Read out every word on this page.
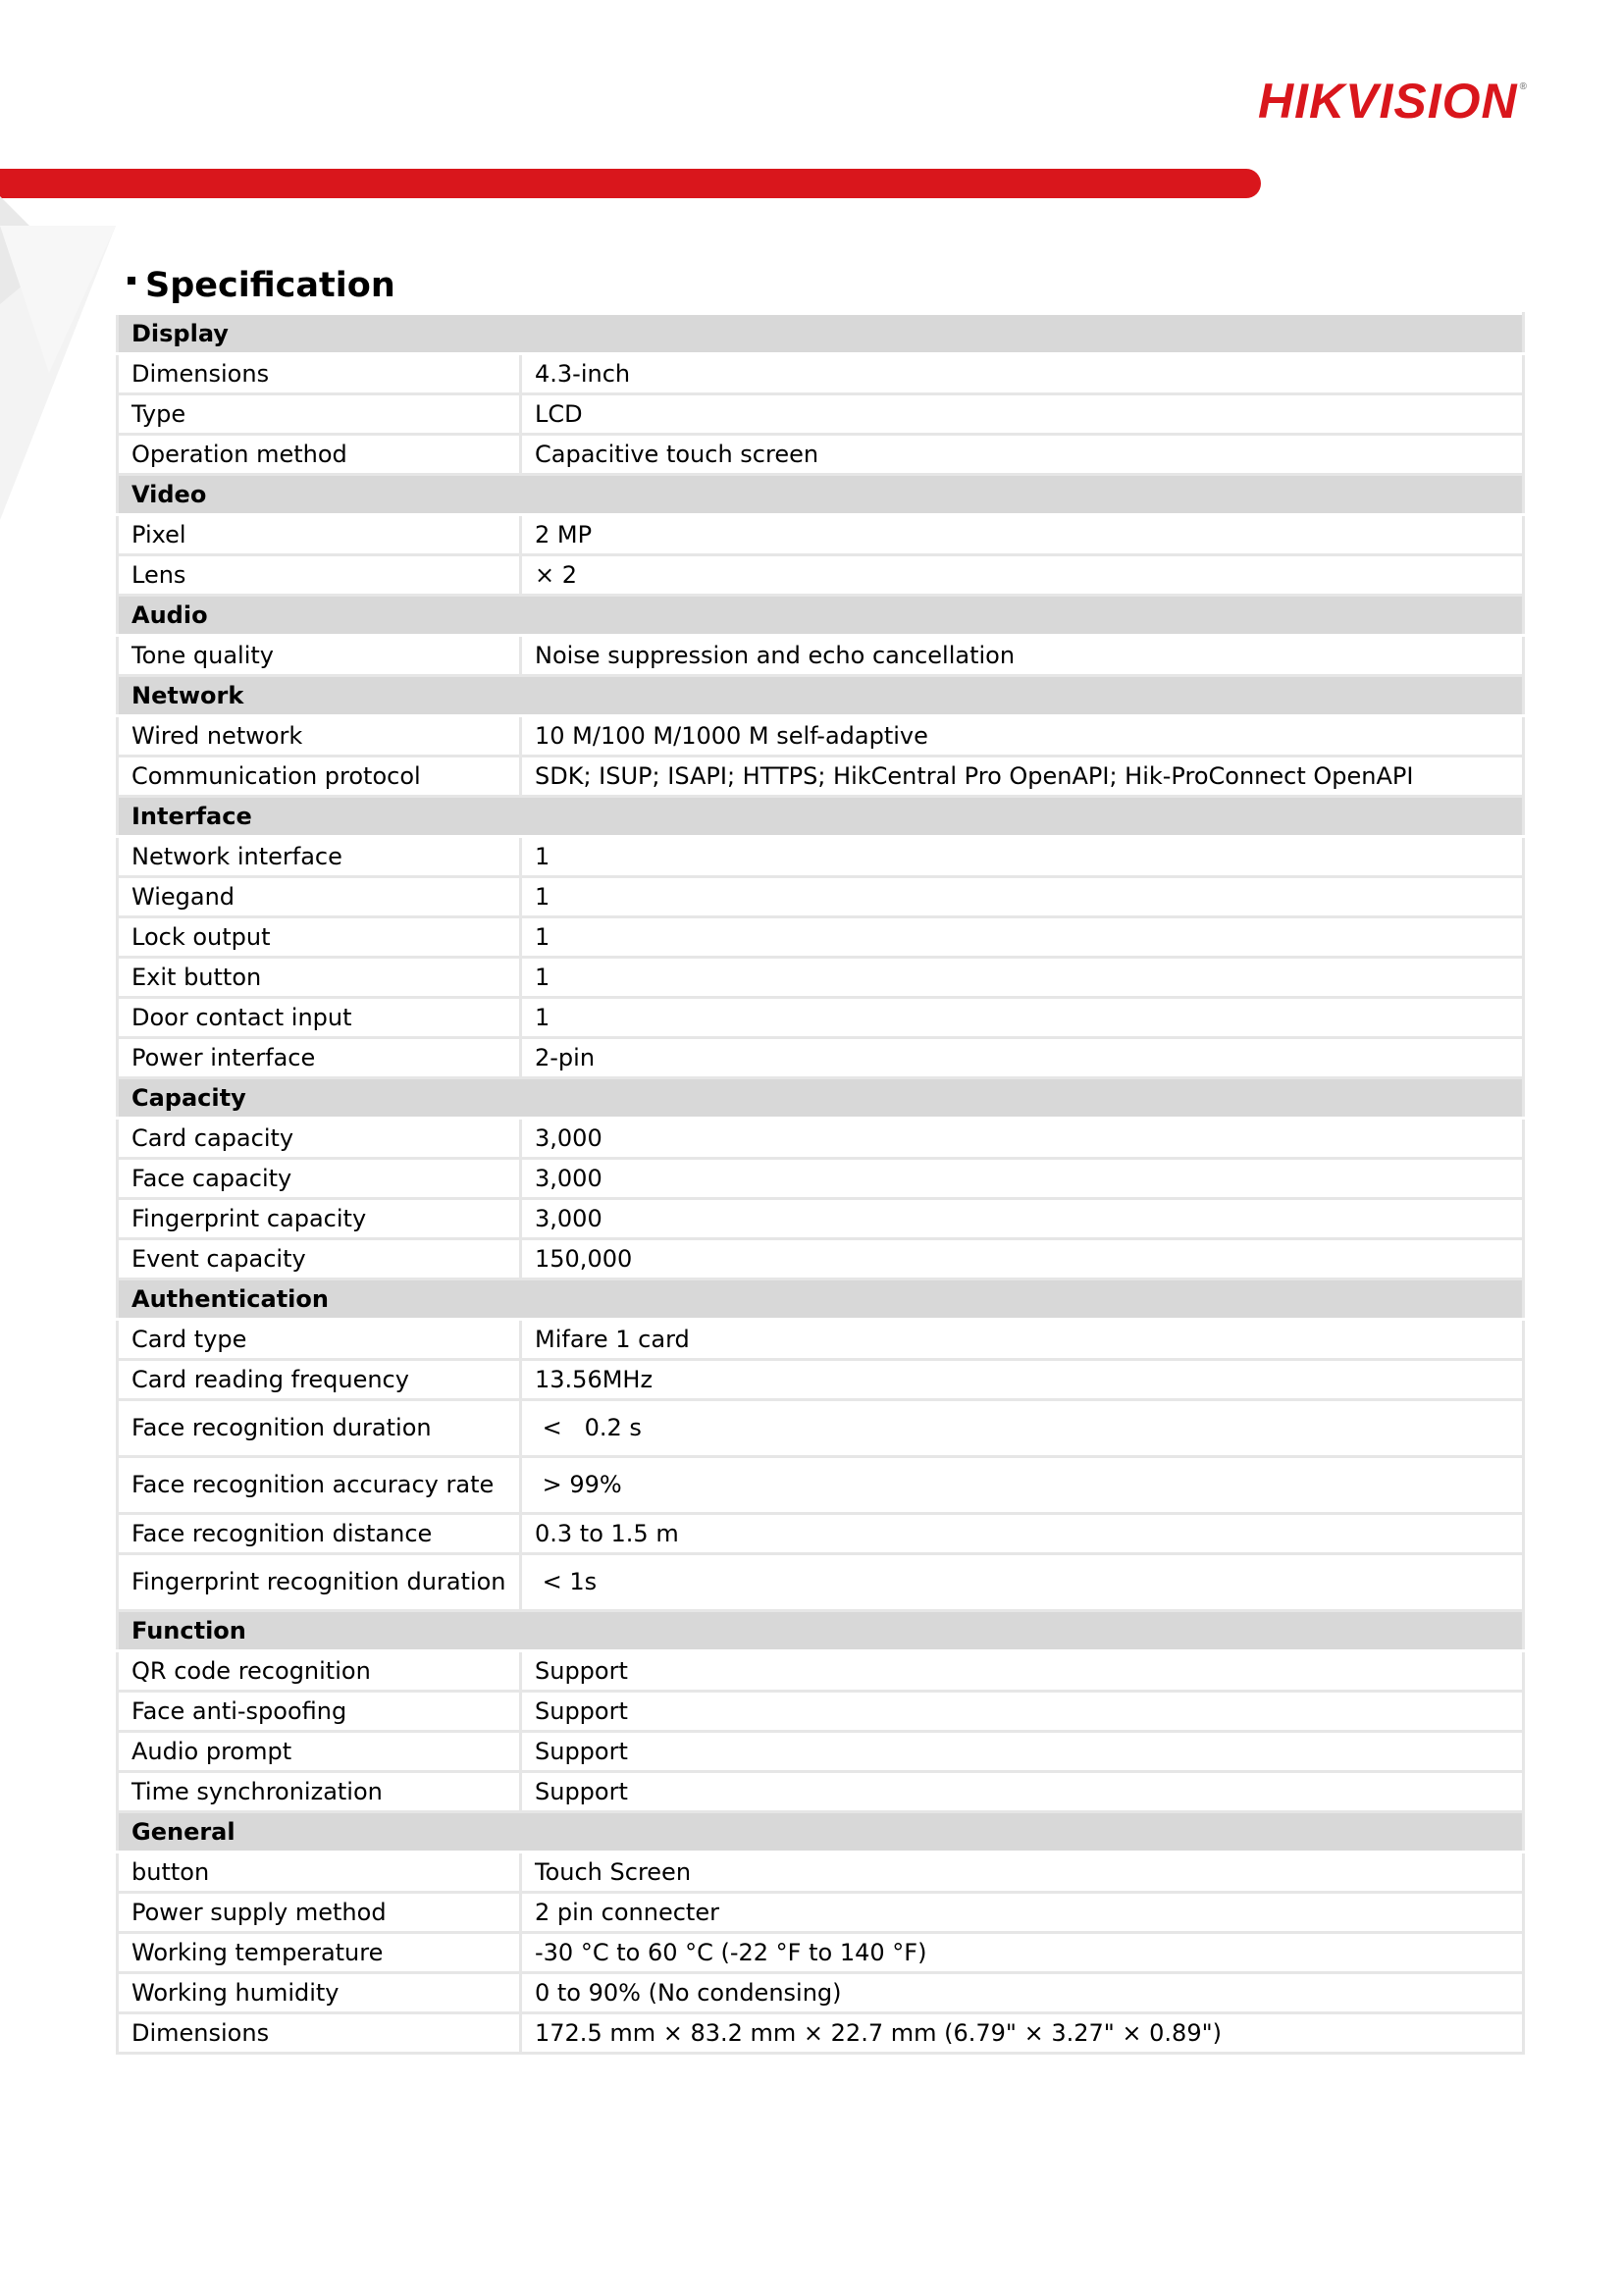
HIKVISION ®
Specification
Display	
Dimensions	4.3-inch
Type	LCD
Operation method	Capacitive touch screen
Video	
Pixel	2 MP
Lens	× 2
Audio	
Tone quality	Noise suppression and echo cancellation
Network	
Wired network	10 M/100 M/1000 M self-adaptive
Communication protocol	SDK; ISUP; ISAPI; HTTPS; HikCentral Pro OpenAPI; Hik-ProConnect OpenAPI
Interface	
Network interface	1
Wiegand	1
Lock output	1
Exit button	1
Door contact input	1
Power interface	2-pin
Capacity	
Card capacity	3,000
Face capacity	3,000
Fingerprint capacity	3,000
Event capacity	150,000
Authentication	
Card type	Mifare 1 card
Card reading frequency	13.56MHz
Face recognition duration	<   0.2 s
Face recognition accuracy rate	> 99%
Face recognition distance	0.3 to 1.5 m
Fingerprint recognition duration	< 1s
Function	
QR code recognition	Support
Face anti-spoofing	Support
Audio prompt	Support
Time synchronization	Support
General	
button	Touch Screen
Power supply method	2 pin connecter
Working temperature	-30 °C to 60 °C (-22 °F to 140 °F)
Working humidity	0 to 90% (No condensing)
Dimensions	172.5 mm × 83.2 mm × 22.7 mm (6.79" × 3.27" × 0.89")
